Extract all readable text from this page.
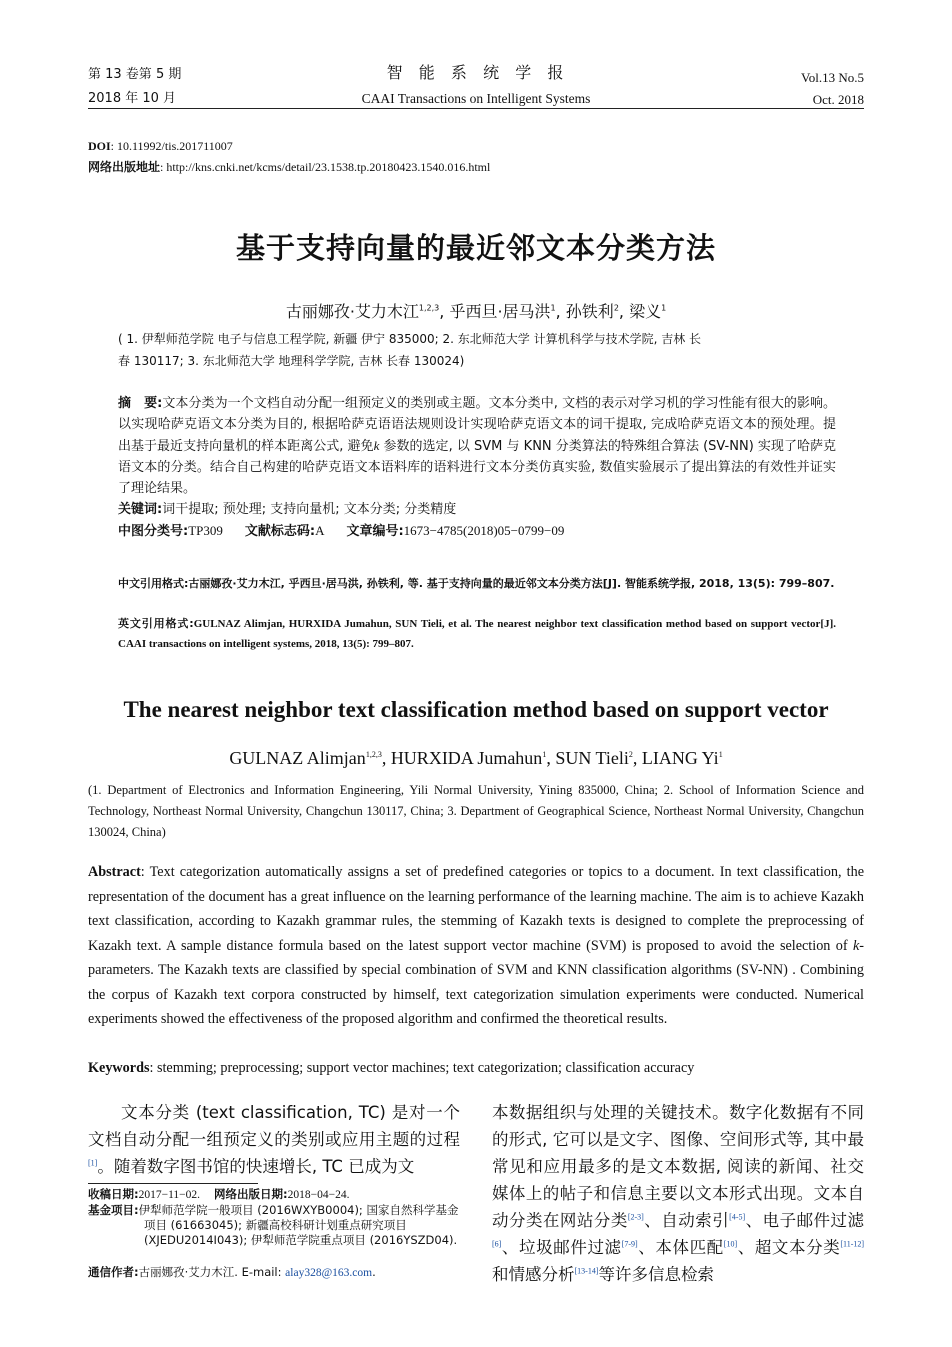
第 13 卷第 5 期
2018 年 10 月
智  能  系  统  学  报
CAAI Transactions on Intelligent Systems
Vol.13 No.5
Oct. 2018
DOI: 10.11992/tis.201711007
网络出版地址: http://kns.cnki.net/kcms/detail/23.1538.tp.20180423.1540.016.html
基于支持向量的最近邻文本分类方法
古丽娜孜·艾力木江$^{1,2,3}$, 乎西旦·居马洪$^1$, 孙铁利$^2$, 梁义$^1$
( 1. 伊犁师范学院 电子与信息工程学院, 新疆 伊宁 835000; 2. 东北师范大学 计算机科学与技术学院, 吉林 长
春 130117; 3. 东北师范大学 地理科学学院, 吉林 长春 130024)
摘　要:文本分类为一个文档自动分配一组预定义的类别或主题。文本分类中, 文档的表示对学习机的学习性能有很大的影响。以实现哈萨克语文本分类为目的, 根据哈萨克语语法规则设计实现哈萨克语文本的词干提取, 完成哈萨克语文本的预处理。提出基于最近支持向量机的样本距离公式, 避免k 参数的选定, 以 SVM 与 KNN 分类算法的特殊组合算法 (SV-NN) 实现了哈萨克语文本的分类。结合自己构建的哈萨克语文本语料库的语料进行文本分类仿真实验, 数值实验展示了提出算法的有效性并证实了理论结果。
关键词:词干提取; 预处理; 支持向量机; 文本分类; 分类精度
中图分类号:TP309 文献标志码:A 文章编号:1673−4785(2018)05−0799−09
中文引用格式:古丽娜孜·艾力木江, 乎西旦·居马洪, 孙铁利, 等. 基于支持向量的最近邻文本分类方法[J]. 智能系统学报, 2018, 13(5): 799–807.
英文引用格式:GULNAZ Alimjan, HURXIDA Jumahun, SUN Tieli, et al. The nearest neighbor text classification method based on support vector[J]. CAAI transactions on intelligent systems, 2018, 13(5): 799–807.
The nearest neighbor text classification method based on support vector
GULNAZ Alimjan$^{1,2,3}$, HURXIDA Jumahun$^1$, SUN Tieli$^2$, LIANG Yi$^1$
(1. Department of Electronics and Information Engineering, Yili Normal University, Yining 835000, China; 2. School of Information Science and Technology, Northeast Normal University, Changchun 130117, China; 3. Department of Geographical Science, Northeast Normal University, Changchun 130024, China)
Abstract: Text categorization automatically assigns a set of predefined categories or topics to a document. In text classification, the representation of the document has a great influence on the learning performance of the learning machine. The aim is to achieve Kazakh text classification, according to Kazakh grammar rules, the stemming of Kazakh texts is designed to complete the preprocessing of Kazakh text. A sample distance formula based on the latest support vector machine (SVM) is proposed to avoid the selection of k-parameters. The Kazakh texts are classified by special combination of SVM and KNN classification algorithms (SV-NN) . Combining the corpus of Kazakh text corpora constructed by himself, text categorization simulation experiments were conducted. Numerical experiments showed the effectiveness of the proposed algorithm and confirmed the theoretical results.
Keywords: stemming; preprocessing; support vector machines; text categorization; classification accuracy
文本分类 (text classification, TC) 是对一个文档自动分配一组预定义的类别或应用主题的过程[1]。随着数字图书馆的快速增长, TC 已成为文
收稿日期:2017−11−02. 网络出版日期:2018−04−24.
基金项目:伊犁师范学院一般项目 (2016WXYB0004); 国家自然科学基金项目 (61663045); 新疆高校科研计划重点研究项目 (XJEDU2014I043); 伊犁师范学院重点项目 (2016YSZD04).
通信作者:古丽娜孜·艾力木江. E-mail: alay328@163.com.
本数据组织与处理的关键技术。数字化数据有不同的形式, 它可以是文字、图像、空间形式等, 其中最常见和应用最多的是文本数据, 阅读的新闻、社交媒体上的帖子和信息主要以文本形式出现。文本自动分类在网站分类[2-3]、自动索引[4-5]、电子邮件过滤[6]、垃圾邮件过滤[7-9]、本体匹配[10]、超文本分类[11-12]和情感分析[13-14]等许多信息检索
